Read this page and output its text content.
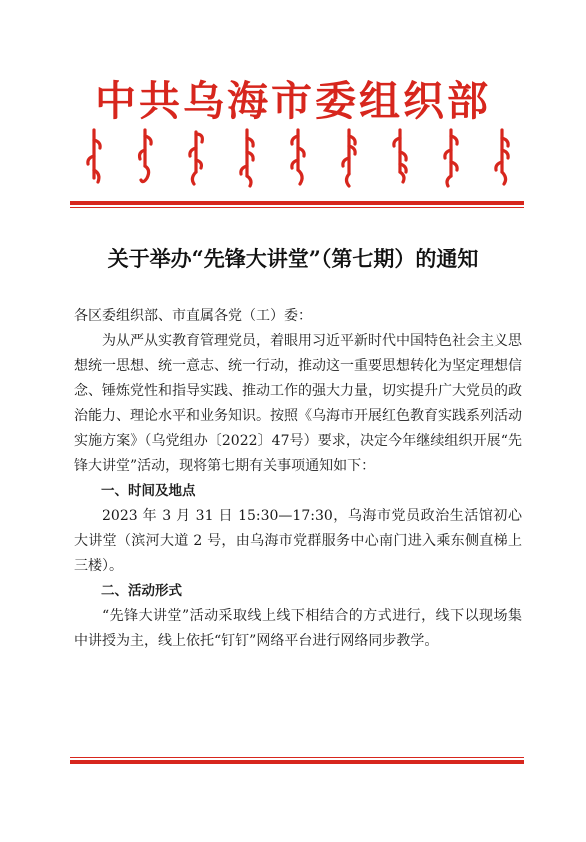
中共乌海市委组织部
关于举办“先锋大讲堂”（第七期）的通知

各区委组织部、市直属各党（工）委：

为从严从实教育管理党员，着眼用习近平新时代中国特色社会主义思想统一思想、统一意志、统一行动，推动这一重要思想转化为坚定理想信念、锤炼党性和指导实践、推动工作的强大力量，切实提升广大党员的政治能力、理论水平和业务知识。按照《乌海市开展红色教育实践系列活动实施方案》（乌党组办〔2022〕47号）要求，决定今年继续组织开展“先锋大讲堂”活动，现将第七期有关事项通知如下：

一、时间及地点

2023 年 3 月 31 日 15:30—17:30，乌海市党员政治生活馆初心大讲堂（滨河大道 2 号，由乌海市党群服务中心南门进入乘东侧直梯上三楼）。

二、活动形式

“先锋大讲堂”活动采取线上线下相结合的方式进行，线下以现场集中讲授为主，线上依托“钉钉”网络平台进行网络同步教学。
